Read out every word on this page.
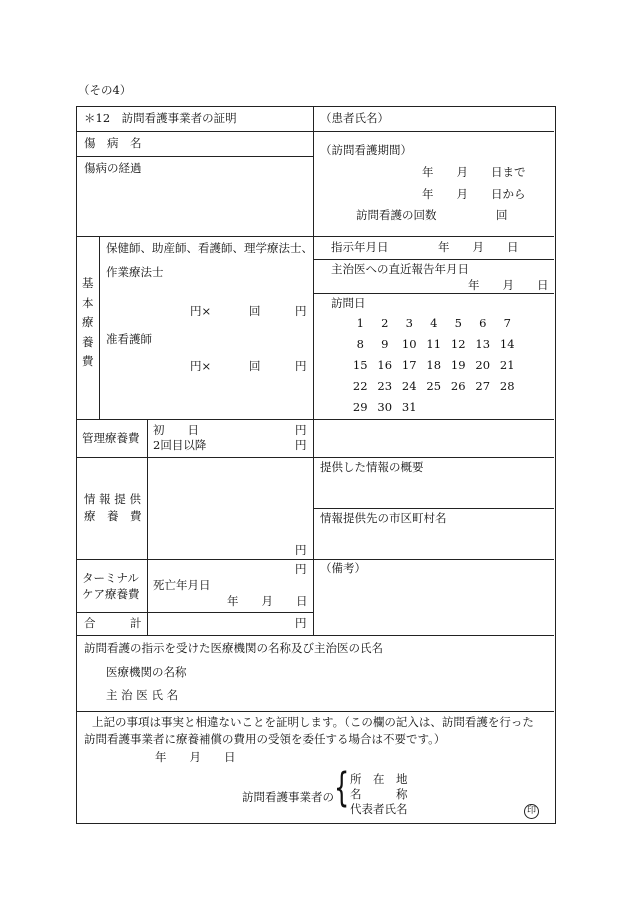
（その4）
＊12　訪問看護事業者の証明	（患者氏名）
傷　病　名
傷病の経過
（訪問看護期間）
年　　月　　日まで
年　　月　　日から
訪問看護の回数	回
基
本
療
養
費
保健師、助産師、看護師、理学療法士、
作業療法士
円×	回	円
准看護師
円×	回	円
指示年月日	年　　月　　日
主治医への直近報告年月日
年　　月　　日
訪問日
1	2	3	4	5	6	7
8	9	10 11 12 13 14
15 16 17 18 19 20 21
22 23 24 25 26 27 28
29 30 31
管理療養費
初　　日	円
2回目以降	円
情 報 提 供
療　養　費
円
提供した情報の概要
情報提供先の市区町村名
ターミナル
ケア療養費
円
死亡年月日
年　　月　　日
（備考）
合　　　計	円
訪問看護の指示を受けた医療機関の名称及び主治医の氏名
医療機関の名称
主 治 医 氏 名
上記の事項は事実と相違ないことを証明します。（この欄の記入は、訪問看護を行った
訪問看護事業者に療養補償の費用の受領を委任する場合は不要です。）
年　　月　　日
訪問看護事業者の { 所　在　地
名　　　称
代表者氏名	印
